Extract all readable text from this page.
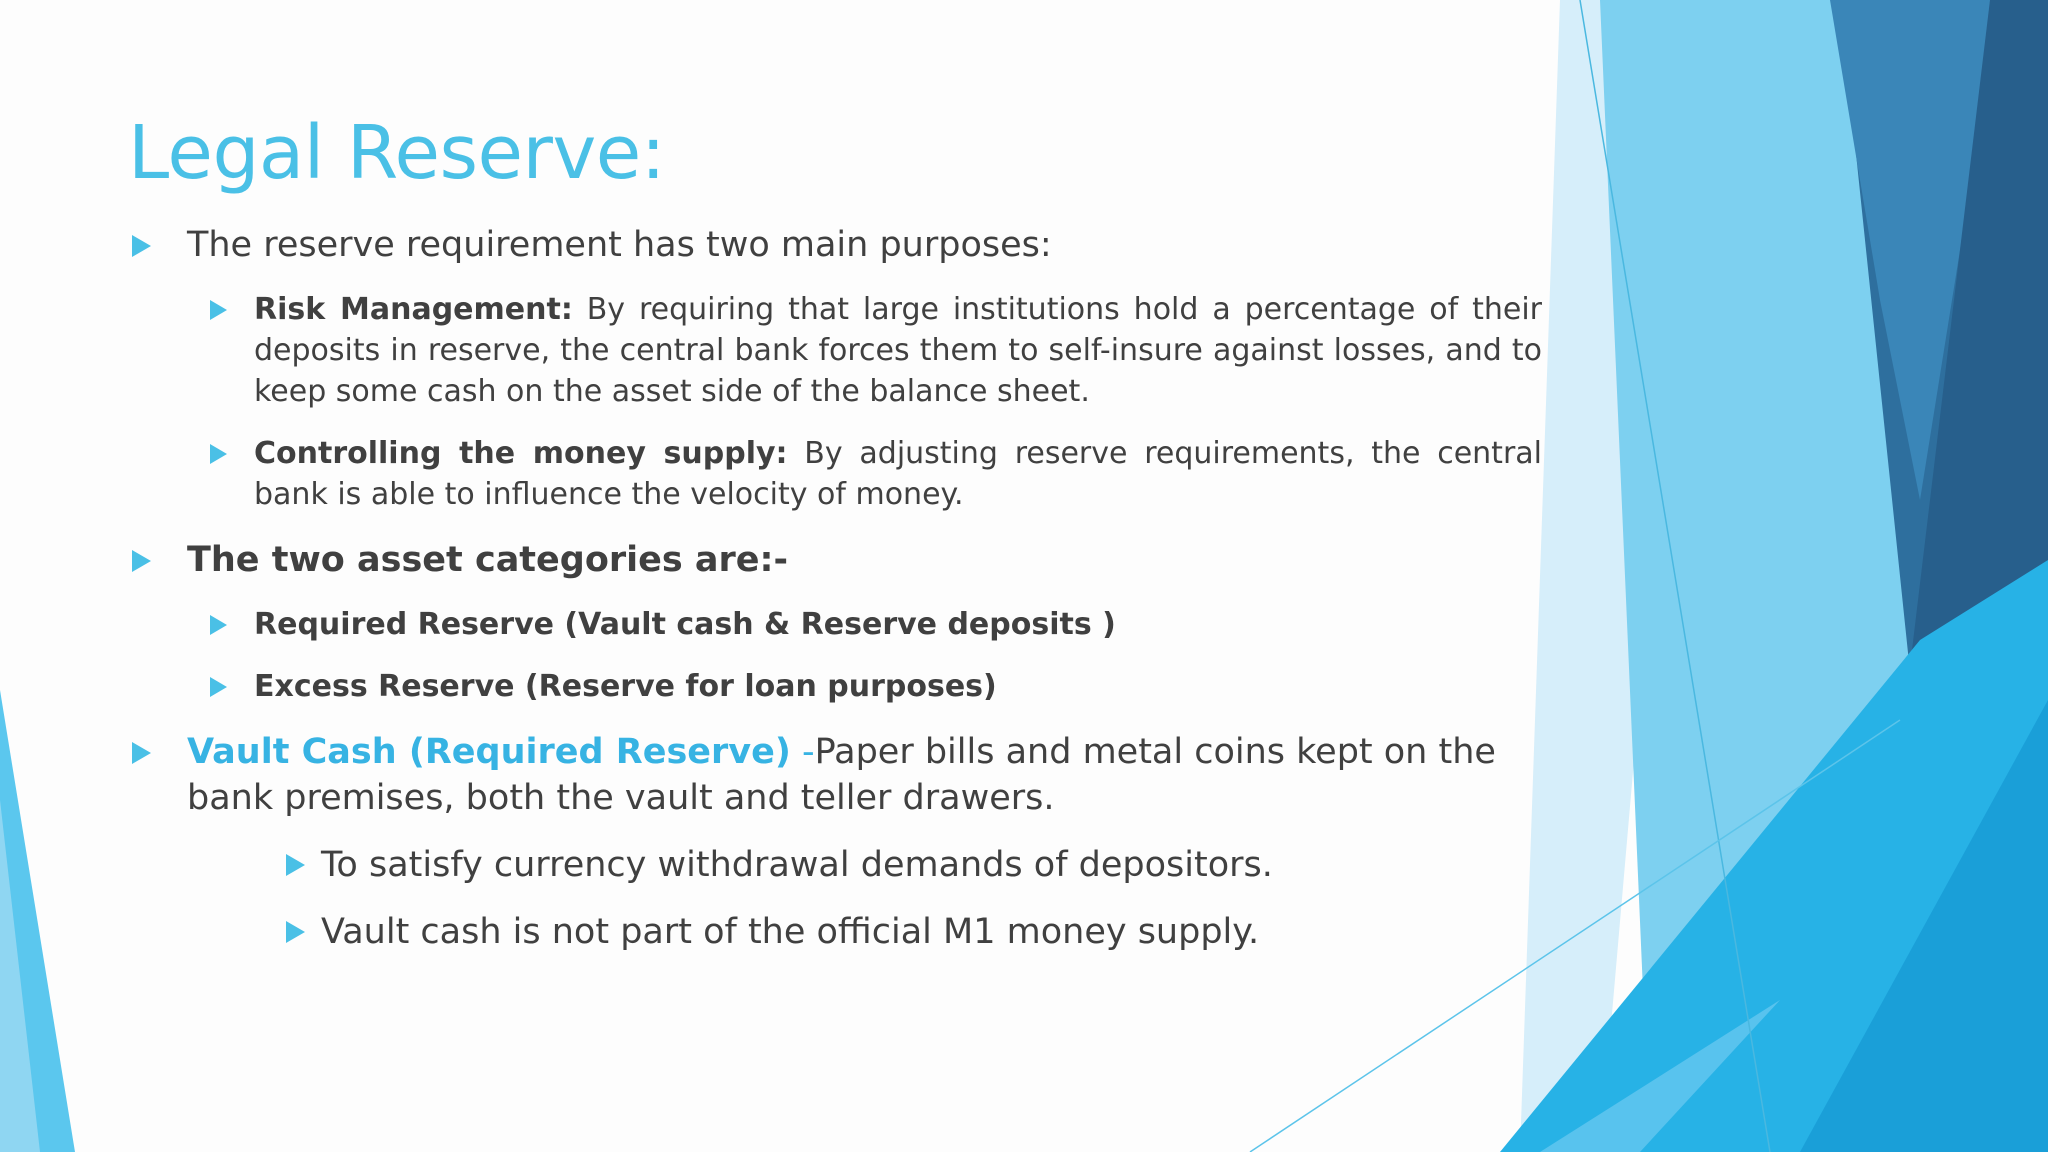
Legal Reserve:
The reserve requirement has two main purposes:
Risk Management: By requiring that large institutions hold a percentage of their deposits in reserve, the central bank forces them to self-insure against losses, and to keep some cash on the asset side of the balance sheet.
Controlling the money supply: By adjusting reserve requirements, the central bank is able to influence the velocity of money.
The two asset categories are:-
Required Reserve (Vault cash & Reserve deposits )
Excess Reserve (Reserve for loan purposes)
Vault Cash (Required Reserve) -Paper bills and metal coins kept on the bank premises, both the vault and teller drawers.
To satisfy currency withdrawal demands of depositors.
Vault cash is not part of the official M1 money supply.
